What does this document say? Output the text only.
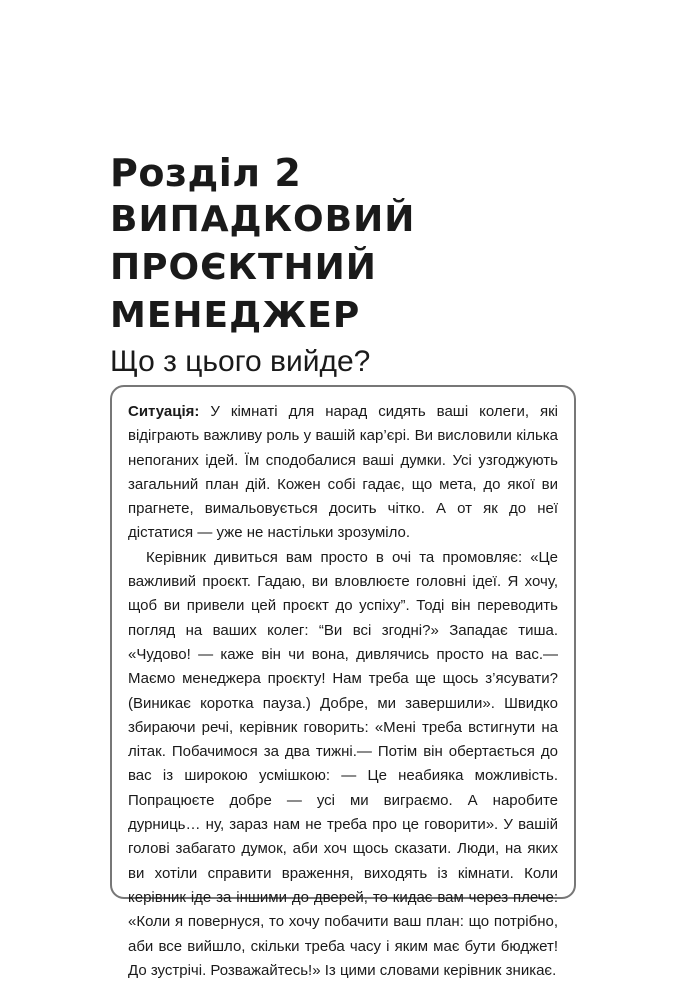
Розділ 2
ВИПАДКОВИЙ
ПРОЄКТНИЙ МЕНЕДЖЕР
Що з цього вийде?

Ситуація: У кімнаті для нарад сидять ваші колеги, які відіграють важливу роль у вашій кар’єрі. Ви висловили кілька непоганих ідей. Їм сподобалися ваші думки. Усі узгоджують загальний план дій. Кожен собі гадає, що мета, до якої ви прагнете, вимальовується досить чітко. А от як до неї дістатися — уже не настільки зрозуміло.

Керівник дивиться вам просто в очі та промовляє: «Це важливий проєкт. Гадаю, ви вловлюєте головні ідеї. Я хочу, щоб ви привели цей проєкт до успіху”. Тоді він переводить погляд на ваших колег: “Ви всі згодні?» Западає тиша. «Чудово! — каже він чи вона, дивлячись просто на вас.— Маємо менеджера проєкту! Нам треба ще щось з’ясувати? (Виникає коротка пауза.) Добре, ми завершили». Швидко збираючи речі, керівник говорить: «Мені треба встигнути на літак. Побачимося за два тижні.— Потім він обертається до вас із широкою усмішкою: — Це неабияка можливість. Попрацюєте добре — усі ми виграємо. А наробите дурниць… ну, зараз нам не треба про це говорити». У вашій голові забагато думок, аби хоч щось сказати. Люди, на яких ви хотіли справити враження, виходять із кімнати. Коли керівник іде за іншими до дверей, то кидає вам через плече: «Коли я повернуся, то хочу побачити ваш план: що потрібно, аби все вийшло, скільки треба часу і яким має бути бюджет! До зустрічі. Розважайтесь!» Із цими словами керівник зникає.
